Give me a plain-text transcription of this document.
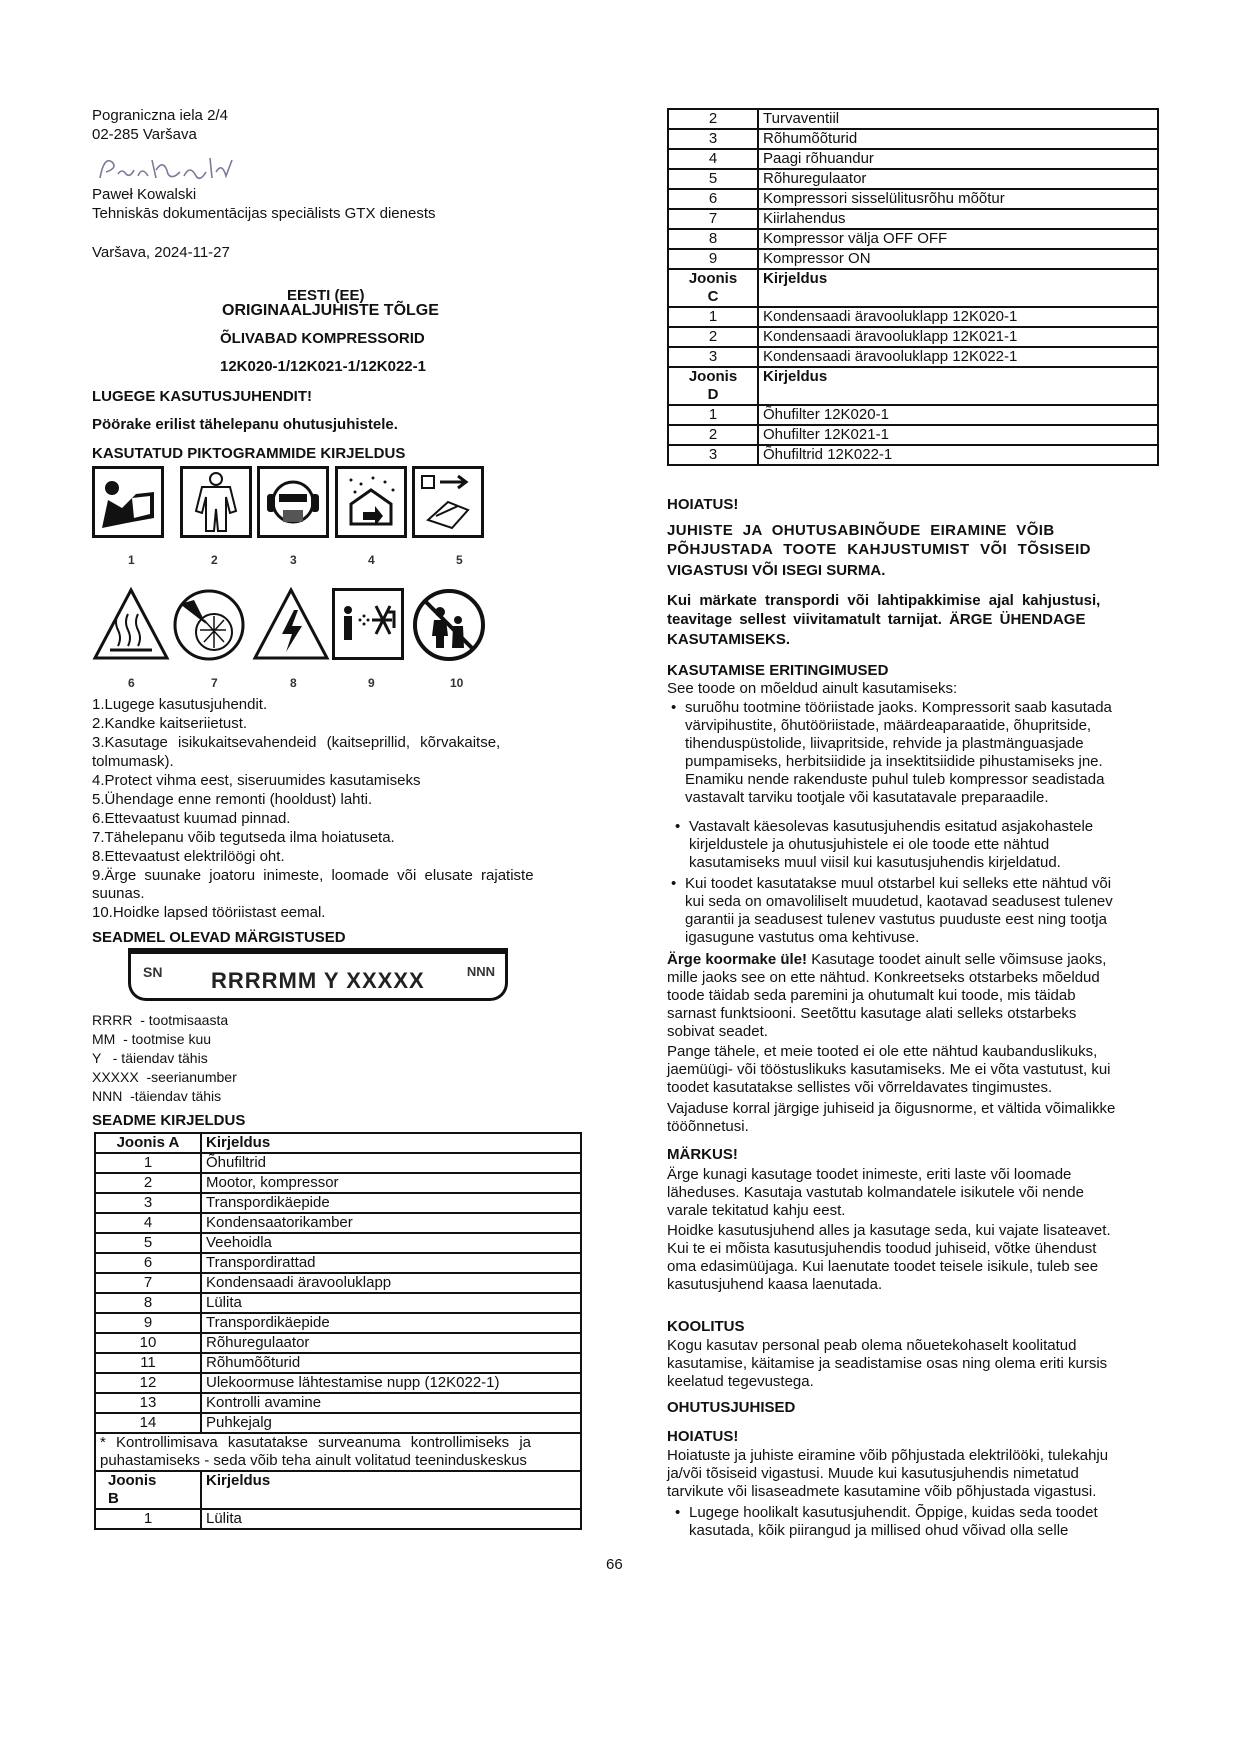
Pograniczna iela 2/4
02-285 Varšava
Paweł Kowalski
Tehniskās dokumentācijas speciālists GTX dienests
Varšava, 2024-11-27
EESTI (EE)
ORIGINAALJUHISTE TÕLGE
ÕLIVABAD KOMPRESSORID
12K020-1/12K021-1/12K022-1
LUGEGE KASUTUSJUHENDIT!
Pöörake erilist tähelepanu ohutusjuhistele.
KASUTATUD PIKTOGRAMMIDE KIRJELDUS
1	2	3	4	5
6	7	8	9	10
1.Lugege kasutusjuhendit.
2.Kandke kaitseriietust.
3.Kasutage isikukaitsevahendeid (kaitseprillid, kõrvakaitse,
tolmumask).
4.Protect vihma eest, siseruumides kasutamiseks
5.Ühendage enne remonti (hooldust) lahti.
6.Ettevaatust kuumad pinnad.
7.Tähelepanu võib tegutseda ilma hoiatuseta.
8.Ettevaatust elektrilöögi oht.
9.Ärge suunake joatoru inimeste, loomade või elusate rajatiste
suunas.
10.Hoidke lapsed tööriistast eemal.
SEADMEL OLEVAD MÄRGISTUSED
SN RRRRMM Y XXXXX	NNN
RRRR  - tootmisaasta
MM  - tootmise kuu
Y   - täiendav tähis
XXXXX  -seerianumber
NNN  -täiendav tähis
SEADME KIRJELDUS
Joonis A	Kirjeldus
1	Õhufiltrid
2	Mootor, kompressor
3	Transpordikäepide
4	Kondensaatorikamber
5	Veehoidla
6	Transpordirattad
7	Kondensaadi äravooluklapp
8	Lülita
9	Transpordikäepide
10	Rõhuregulaator
11	Rõhumõõturid
12	Ulekoormuse lähtestamise nupp (12K022-1)
13	Kontrolli avamine
14	Puhkejalg

* Kontrollimisava kasutatakse surveanuma kontrollimiseks ja
puhastamiseks - seda võib teha ainult volitatud teeninduskeskus	

Joonis
B	Kirjeldus
1	Lülita
2	Turvaventiil
3	Rõhumõõturid
4	Paagi rõhuandur
5	Rõhuregulaator
6	Kompressori sisselülitusrõhu mõõtur
7	Kiirlahendus
8	Kompressor välja OFF OFF
9	Kompressor ON

Joonis
C	Kirjeldus
1	Kondensaadi äravooluklapp 12K020-1
2	Kondensaadi äravooluklapp 12K021-1
3	Kondensaadi äravooluklapp 12K022-1

Joonis
D	Kirjeldus
1	Õhufilter 12K020-1
2	Ohufilter 12K021-1
3	Õhufiltrid 12K022-1
HOIATUS!
JUHISTE JA OHUTUSABINÕUDE EIRAMINE VÕIB
PÕHJUSTADA TOOTE KAHJUSTUMIST VÕI TÕSISEID
VIGASTUSI VÕI ISEGI SURMA.
Kui märkate transpordi või lahtipakkimise ajal kahjustusi,
teavitage sellest viivitamatult tarnijat. ÄRGE ÜHENDAGE
KASUTAMISEKS.
KASUTAMISE ERITINGIMUSED
See toode on mõeldud ainult kasutamiseks:
• suruõhu tootmine tööriistade jaoks. Kompressorit saab kasutada
värvipihustite, õhutööriistade, määrdeaparaatide, õhupritside,
tihenduspüstolide, liivapritside, rehvide ja plastmänguasjade
pumpamiseks, herbitsiidide ja insektitsiidide pihustamiseks jne.
Enamiku nende rakenduste puhul tuleb kompressor seadistada
vastavalt tarviku tootjale või kasutatavale preparaadile.
• Vastavalt käesolevas kasutusjuhendis esitatud asjakohastele
kirjeldustele ja ohutusjuhistele ei ole toode ette nähtud
kasutamiseks muul viisil kui kasutusjuhendis kirjeldatud.
• Kui toodet kasutatakse muul otstarbel kui selleks ette nähtud või
kui seda on omavoliliselt muudetud, kaotavad seadusest tulenev
garantii ja seadusest tulenev vastutus puuduste eest ning tootja
igasugune vastutus oma kehtivuse.
Ärge koormake üle! Kasutage toodet ainult selle võimsuse jaoks,
mille jaoks see on ette nähtud. Konkreetseks otstarbeks mõeldud
toode täidab seda paremini ja ohutumalt kui toode, mis täidab
sarnast funktsiooni. Seetõttu kasutage alati selleks otstarbeks
sobivat seadet.
Pange tähele, et meie tooted ei ole ette nähtud kaubanduslikuks,
jaemüügi- või tööstuslikuks kasutamiseks. Me ei võta vastutust, kui
toodet kasutatakse sellistes või võrreldavates tingimustes.
Vajaduse korral järgige juhiseid ja õigusnorme, et vältida võimalikke
tööõnnetusi.
MÄRKUS!
Ärge kunagi kasutage toodet inimeste, eriti laste või loomade
läheduses. Kasutaja vastutab kolmandatele isikutele või nende
varale tekitatud kahju eest.
Hoidke kasutusjuhend alles ja kasutage seda, kui vajate lisateavet.
Kui te ei mõista kasutusjuhendis toodud juhiseid, võtke ühendust
oma edasimüüjaga. Kui laenutate toodet teisele isikule, tuleb see
kasutusjuhend kaasa laenutada.
KOOLITUS
Kogu kasutav personal peab olema nõuetekohaselt koolitatud
kasutamise, käitamise ja seadistamise osas ning olema eriti kursis
keelatud tegevustega.
OHUTUSJUHISED
HOIATUS!
Hoiatuste ja juhiste eiramine võib põhjustada elektrilööki, tulekahju
ja/või tõsiseid vigastusi. Muude kui kasutusjuhendis nimetatud
tarvikute või lisaseadmete kasutamine võib põhjustada vigastusi.
• Lugege hoolikalt kasutusjuhendit. Õppige, kuidas seda toodet
kasutada, kõik piirangud ja millised ohud võivad olla selle
66
